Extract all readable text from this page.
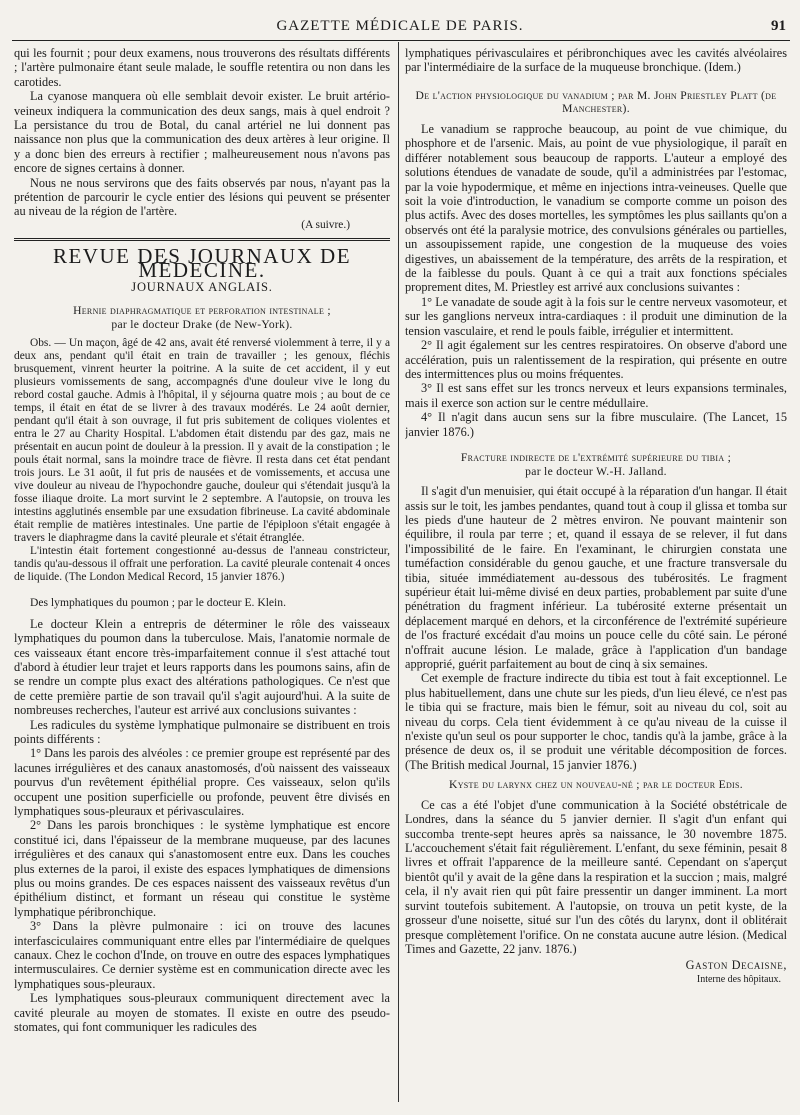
GAZETTE MÉDICALE DE PARIS.	91

qui les fournit ; pour deux examens, nous trouverons des résultats différents ; l'artère pulmonaire étant seule malade, le souffle retentira ou non dans les carotides.

La cyanose manquera où elle semblait devoir exister. Le bruit artério-veineux indiquera la communication des deux sangs, mais à quel endroit ? La persistance du trou de Botal, du canal artériel ne lui donnent pas naissance non plus que la communication des deux artères à leur origine. Il y a donc bien des erreurs à rectifier ; malheureusement nous n'avons pas encore de signes certains à donner.

Nous ne nous servirons que des faits observés par nous, n'ayant pas la prétention de parcourir le cycle entier des lésions qui peuvent se présenter au niveau de la région de l'artère.

(A suivre.)
REVUE DES JOURNAUX DE MÉDECINE.
JOURNAUX ANGLAIS.
Hernie diaphragmatique et perforation intestinale ;
par le docteur Drake (de New-York).

Obs. — Un maçon, âgé de 42 ans, avait été renversé violemment à terre, il y a deux ans, pendant qu'il était en train de travailler ; les genoux, fléchis brusquement, vinrent heurter la poitrine. A la suite de cet accident, il y eut plusieurs vomissements de sang, accompagnés d'une douleur vive le long du rebord costal gauche. Admis à l'hôpital, il y séjourna quatre mois ; au bout de ce temps, il était en état de se livrer à des travaux modérés. Le 24 août dernier, pendant qu'il était à son ouvrage, il fut pris subitement de coliques violentes et entra le 27 au Charity Hospital. L'abdomen était distendu par des gaz, mais ne présentait en aucun point de douleur à la pression. Il y avait de la constipation ; le pouls était normal, sans la moindre trace de fièvre. Il resta dans cet état pendant trois jours. Le 31 août, il fut pris de nausées et de vomissements, et accusa une vive douleur au niveau de l'hypochondre gauche, douleur qui s'étendait jusqu'à la fosse iliaque droite. La mort survint le 2 septembre. A l'autopsie, on trouva les intestins agglutinés ensemble par une exsudation fibrineuse. La cavité abdominale était remplie de matières intestinales. Une partie de l'épiploon s'était engagée à travers le diaphragme dans la cavité pleurale et s'était étranglée.

L'intestin était fortement congestionné au-dessus de l'anneau constricteur, tandis qu'au-dessous il offrait une perforation. La cavité pleurale contenait 4 onces de liquide. (The London Medical Record, 15 janvier 1876.)

Des lymphatiques du poumon ; par le docteur E. Klein.

Le docteur Klein a entrepris de déterminer le rôle des vaisseaux lymphatiques du poumon dans la tuberculose. Mais, l'anatomie normale de ces vaisseaux étant encore très-imparfaitement connue il s'est attaché tout d'abord à étudier leur trajet et leurs rapports dans les poumons sains, afin de se rendre un compte plus exact des altérations pathologiques. Ce n'est que de cette première partie de son travail qu'il s'agit aujourd'hui. A la suite de nombreuses recherches, l'auteur est arrivé aux conclusions suivantes :

Les radicules du système lymphatique pulmonaire se distribuent en trois points différents :

1° Dans les parois des alvéoles : ce premier groupe est représenté par des lacunes irrégulières et des canaux anastomosés, d'où naissent des vaisseaux pourvus d'un revêtement épithélial propre. Ces vaisseaux, selon qu'ils occupent une position superficielle ou profonde, peuvent être divisés en lymphatiques sous-pleuraux et périvasculaires.

2° Dans les parois bronchiques : le système lymphatique est encore constitué ici, dans l'épaisseur de la membrane muqueuse, par des lacunes irrégulières et des canaux qui s'anastomosent entre eux. Dans les couches plus externes de la paroi, il existe des espaces lymphatiques de dimensions plus ou moins grandes. De ces espaces naissent des vaisseaux revêtus d'un épithélium distinct, et formant un réseau qui constitue le système lymphatique péribronchique.

3° Dans la plèvre pulmonaire : ici on trouve des lacunes interfasciculaires communiquant entre elles par l'intermédiaire de quelques canaux. Chez le cochon d'Inde, on trouve en outre des espaces lymphatiques intermusculaires. Ce dernier système est en communication directe avec les lymphatiques sous-pleuraux.

Les lymphatiques sous-pleuraux communiquent directement avec la cavité pleurale au moyen de stomates. Il existe en outre des pseudo-stomates, qui font communiquer les radicules des

lymphatiques périvasculaires et péribronchiques avec les cavités alvéolaires par l'intermédiaire de la surface de la muqueuse bronchique. (Idem.)

De l'action physiologique du vanadium ; par M. John Priestley Platt (de Manchester).

Le vanadium se rapproche beaucoup, au point de vue chimique, du phosphore et de l'arsenic. Mais, au point de vue physiologique, il paraît en différer notablement sous beaucoup de rapports. L'auteur a employé des solutions étendues de vanadate de soude, qu'il a administrées par l'estomac, par la voie hypodermique, et même en injections intra-veineuses. Quelle que soit la voie d'introduction, le vanadium se comporte comme un poison des plus actifs. Avec des doses mortelles, les symptômes les plus saillants qu'on a observés ont été la paralysie motrice, des convulsions générales ou partielles, un assoupissement rapide, une congestion de la muqueuse des voies digestives, un abaissement de la température, des arrêts de la respiration, et de la faiblesse du pouls. Quant à ce qui a trait aux fonctions spéciales proprement dites, M. Priestley est arrivé aux conclusions suivantes :

1° Le vanadate de soude agit à la fois sur le centre nerveux vasomoteur, et sur les ganglions nerveux intra-cardiaques : il produit une diminution de la tension vasculaire, et rend le pouls faible, irrégulier et intermittent.

2° Il agit également sur les centres respiratoires. On observe d'abord une accélération, puis un ralentissement de la respiration, qui présente en outre des intermittences plus ou moins fréquentes.

3° Il est sans effet sur les troncs nerveux et leurs expansions terminales, mais il exerce son action sur le centre médullaire.

4° Il n'agit dans aucun sens sur la fibre musculaire. (The Lancet, 15 janvier 1876.)

Fracture indirecte de l'extrémité supérieure du tibia ;
par le docteur W.-H. Jalland.

Il s'agit d'un menuisier, qui était occupé à la réparation d'un hangar. Il était assis sur le toit, les jambes pendantes, quand tout à coup il glissa et tomba sur les pieds d'une hauteur de 2 mètres environ. Ne pouvant maintenir son équilibre, il roula par terre ; et, quand il essaya de se relever, il fut dans l'impossibilité de le faire. En l'examinant, le chirurgien constata une tuméfaction considérable du genou gauche, et une fracture transversale du tibia, située immédiatement au-dessous des tubérosités. Le fragment supérieur était lui-même divisé en deux parties, probablement par suite d'une pénétration du fragment inférieur. La tubérosité externe présentait un déplacement marqué en dehors, et la circonférence de l'extrémité supérieure de l'os fracturé excédait d'au moins un pouce celle du côté sain. Le péroné n'offrait aucune lésion. Le malade, grâce à l'application d'un bandage approprié, guérit parfaitement au bout de cinq à six semaines.

Cet exemple de fracture indirecte du tibia est tout à fait exceptionnel. Le plus habituellement, dans une chute sur les pieds, d'un lieu élevé, ce n'est pas le tibia qui se fracture, mais bien le fémur, soit au niveau du col, soit au niveau du corps. Cela tient évidemment à ce qu'au niveau de la cuisse il n'existe qu'un seul os pour supporter le choc, tandis qu'à la jambe, grâce à la présence de deux os, il se produit une véritable décomposition de forces. (The British medical Journal, 15 janvier 1876.)

Kyste du larynx chez un nouveau-né ; par le docteur Edis.

Ce cas a été l'objet d'une communication à la Société obstétricale de Londres, dans la séance du 5 janvier dernier. Il s'agit d'un enfant qui succomba trente-sept heures après sa naissance, le 30 novembre 1875. L'accouchement s'était fait régulièrement. L'enfant, du sexe féminin, pesait 8 livres et offrait l'apparence de la meilleure santé. Cependant on s'aperçut bientôt qu'il y avait de la gêne dans la respiration et la succion ; mais, malgré cela, il n'y avait rien qui pût faire pressentir un danger imminent. La mort survint toutefois subitement. A l'autopsie, on trouva un petit kyste, de la grosseur d'une noisette, situé sur l'un des côtés du larynx, dont il oblitérait presque complètement l'orifice. On ne constata aucune autre lésion. (Medical Times and Gazette, 22 janv. 1876.)

Gaston Decaisne,
Interne des hôpitaux.
